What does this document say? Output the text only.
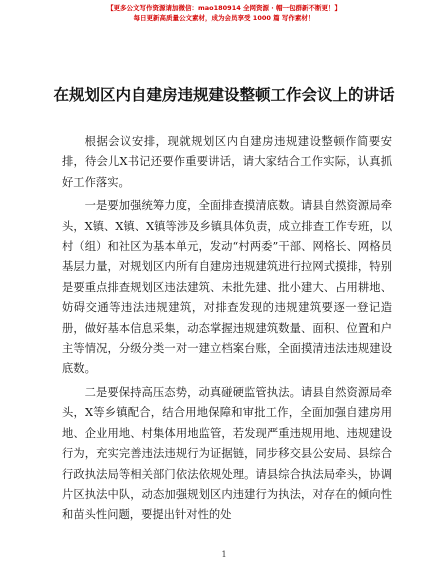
【更多公文写作资源请加微信：mao180914 全网资源 · 帽一包群新不断更！】
每日更新高质量公文素材，成为会员享受 1000 篇 写作素材！
在规划区内自建房违规建设整顿工作会议上的讲话

根据会议安排，现就规划区内自建房违规建设整顿作简要安排，待会儿X书记还要作重要讲话，请大家结合工作实际，认真抓好工作落实。

一是要加强统筹力度，全面排查摸清底数。请县自然资源局牵头，X镇、X镇、X镇等涉及乡镇具体负责，成立排查工作专班，以村（组）和社区为基本单元，发动“村两委”干部、网格长、网格员基层力量，对规划区内所有自建房违规建筑进行拉网式摸排，特别是要重点排查规划区违法建筑、未批先建、批小建大、占用耕地、妨碍交通等违法违规建筑，对排查发现的违规建筑要逐一登记造册，做好基本信息采集，动态掌握违规建筑数量、面积、位置和户主等情况，分级分类一对一建立档案台账，全面摸清违法违规建设底数。

二是要保持高压态势，动真碰硬监管执法。请县自然资源局牵头，X等乡镇配合，结合用地保障和审批工作，全面加强自建房用地、企业用地、村集体用地监管，若发现严重违规用地、违规建设行为，充实完善违法违规行为证据链，同步移交县公安局、县综合行政执法局等相关部门依法依规处理。请县综合执法局牵头，协调片区执法中队，动态加强规划区内违建行为执法，对存在的倾向性和苗头性问题，要提出针对性的处

1
